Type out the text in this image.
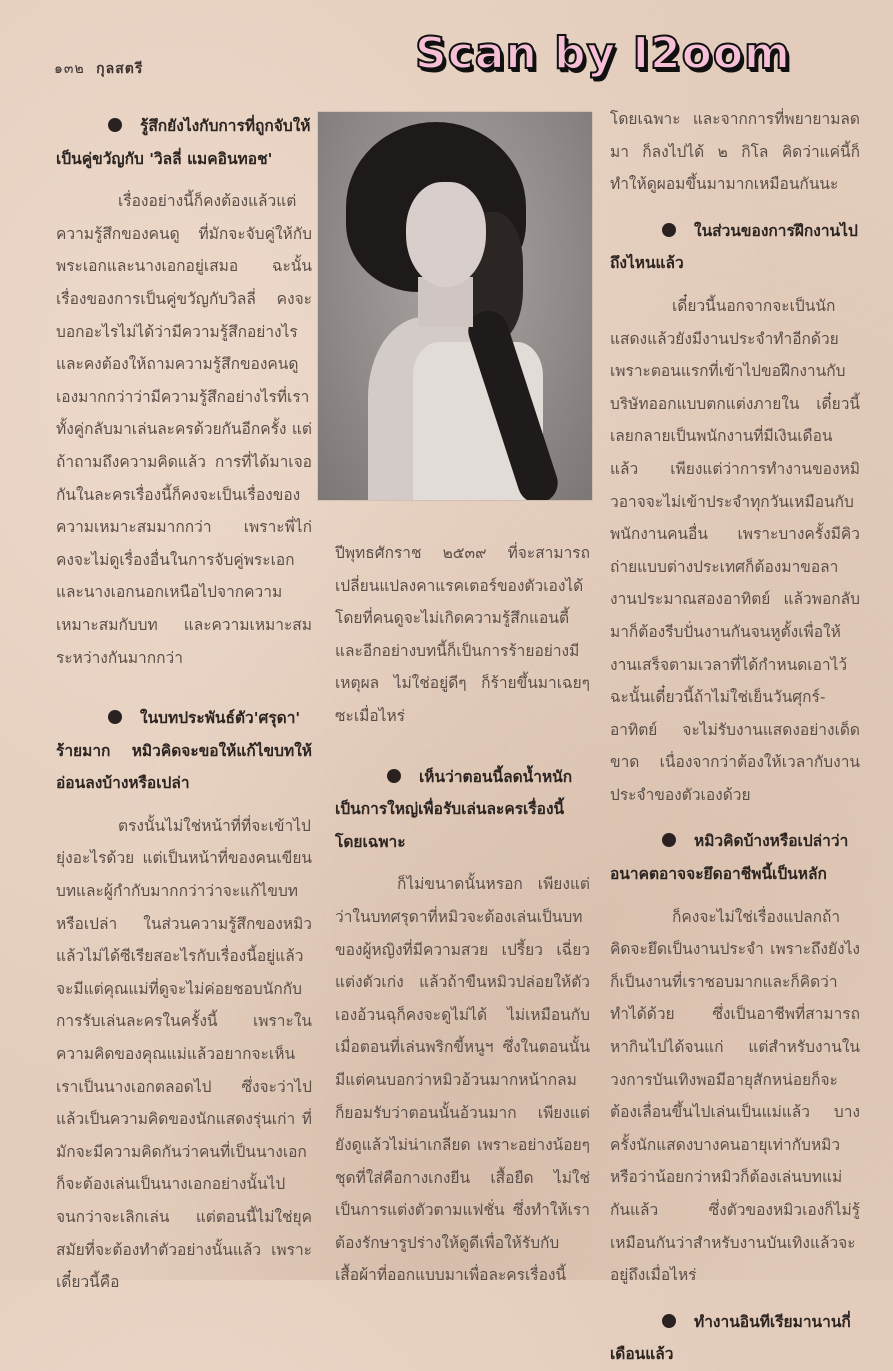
๑๓๒ กุลสตรี	Scan by I2oom

รู้สึกยังไงกับการที่ถูกจับให้เป็นคู่ขวัญกับ 'วิลลี่ แมคอินทอช'

เรื่องอย่างนี้ก็คงต้องแล้วแต่ความรู้สึกของคนดู ที่มักจะจับคู่ให้กับพระเอกและนางเอกอยู่เสมอ ฉะนั้นเรื่องของการเป็นคู่ขวัญกับวิลลี่ คงจะบอกอะไรไม่ได้ว่ามีความรู้สึกอย่างไร และคงต้องให้ถามความรู้สึกของคนดูเองมากกว่าว่ามีความรู้สึกอย่างไรที่เราทั้งคู่กลับมาเล่นละครด้วยกันอีกครั้ง แต่ถ้าถามถึงความคิดแล้ว การที่ได้มาเจอกันในละครเรื่องนี้ก็คงจะเป็นเรื่องของความเหมาะสมมากกว่า เพราะพี่ไก่คงจะไม่ดูเรื่องอื่นในการจับคู่พระเอกและนางเอกนอกเหนือไปจากความเหมาะสมกับบท และความเหมาะสมระหว่างกันมากกว่า

ในบทประพันธ์ตัว'ศรุดา' ร้ายมาก หมิวคิดจะขอให้แก้ไขบทให้อ่อนลงบ้างหรือเปล่า

ตรงนั้นไม่ใช่หน้าที่ที่จะเข้าไปยุ่งอะไรด้วย แต่เป็นหน้าที่ของคนเขียนบทและผู้กำกับมากกว่าว่าจะแก้ไขบทหรือเปล่า ในส่วนความรู้สึกของหมิวแล้วไม่ได้ซีเรียสอะไรกับเรื่องนี้อยู่แล้ว จะมีแต่คุณแม่ที่ดูจะไม่ค่อยชอบนักกับการรับเล่นละครในครั้งนี้ เพราะในความคิดของคุณแม่แล้วอยากจะเห็นเราเป็นนางเอกตลอดไป ซึ่งจะว่าไปแล้วเป็นความคิดของนักแสดงรุ่นเก่า ที่มักจะมีความคิดกันว่าคนที่เป็นนางเอกก็จะต้องเล่นเป็นนางเอกอย่างนั้นไปจนกว่าจะเลิกเล่น แต่ตอนนี้ไม่ใช่ยุคสมัยที่จะต้องทำตัวอย่างนั้นแล้ว เพราะเดี๋ยวนี้คือ

ปีพุทธศักราช ๒๕๓๙ ที่จะสามารถเปลี่ยนแปลงคาแรคเตอร์ของตัวเองได้โดยที่คนดูจะไม่เกิดความรู้สึกแอนตี้ และอีกอย่างบทนี้ก็เป็นการร้ายอย่างมีเหตุผล ไม่ใช่อยู่ดีๆ ก็ร้ายขึ้นมาเฉยๆ ซะเมื่อไหร่

เห็นว่าตอนนี้ลดน้ำหนักเป็นการใหญ่เพื่อรับเล่นละครเรื่องนี้โดยเฉพาะ

ก็ไม่ขนาดนั้นหรอก เพียงแต่ว่าในบทศรุดาที่หมิวจะต้องเล่นเป็นบทของผู้หญิงที่มีความสวย เปรี้ยว เฉี่ยว แต่งตัวเก่ง แล้วถ้าขืนหมิวปล่อยให้ตัวเองอ้วนฉุก็คงจะดูไม่ได้ ไม่เหมือนกับเมื่อตอนที่เล่นพริกขี้หนูฯ ซึ่งในตอนนั้นมีแต่คนบอกว่าหมิวอ้วนมากหน้ากลม ก็ยอมรับว่าตอนนั้นอ้วนมาก เพียงแต่ยังดูแล้วไม่น่าเกลียด เพราะอย่างน้อยๆ ชุดที่ใส่คือกางเกงยีน เสื้อยืด ไม่ใช่เป็นการแต่งตัวตามแฟชั่น ซึ่งทำให้เราต้องรักษารูปร่างให้ดูดีเพื่อให้รับกับเสื้อผ้าที่ออกแบบมาเพื่อละครเรื่องนี้

โดยเฉพาะ และจากการที่พยายามลดมา ก็ลงไปได้ ๒ กิโล คิดว่าแค่นี้ก็ทำให้ดูผอมขึ้นมามากเหมือนกันนะ

ในส่วนของการฝึกงานไปถึงไหนแล้ว

เดี๋ยวนี้นอกจากจะเป็นนักแสดงแล้วยังมีงานประจำทำอีกด้วย เพราะตอนแรกที่เข้าไปขอฝึกงานกับบริษัทออกแบบตกแต่งภายใน เดี๋ยวนี้เลยกลายเป็นพนักงานที่มีเงินเดือนแล้ว เพียงแต่ว่าการทำงานของหมิวอาจจะไม่เข้าประจำทุกวันเหมือนกับพนักงานคนอื่น เพราะบางครั้งมีคิวถ่ายแบบต่างประเทศก็ต้องมาขอลางานประมาณสองอาทิตย์ แล้วพอกลับมาก็ต้องรีบปั่นงานกันจนหูตั้งเพื่อให้งานเสร็จตามเวลาที่ได้กำหนดเอาไว้ ฉะนั้นเดี๋ยวนี้ถ้าไม่ใช่เย็นวันศุกร์-อาทิตย์ จะไม่รับงานแสดงอย่างเด็ดขาด เนื่องจากว่าต้องให้เวลากับงานประจำของตัวเองด้วย

หมิวคิดบ้างหรือเปล่าว่าอนาคตอาจจะยึดอาชีพนี้เป็นหลัก

ก็คงจะไม่ใช่เรื่องแปลกถ้าคิดจะยึดเป็นงานประจำ เพราะถึงยังไงก็เป็นงานที่เราชอบมากและก็คิดว่าทำได้ด้วย ซึ่งเป็นอาชีพที่สามารถหากินไปได้จนแก่ แต่สำหรับงานในวงการบันเทิงพอมีอายุสักหน่อยก็จะต้องเลื่อนขึ้นไปเล่นเป็นแม่แล้ว บางครั้งนักแสดงบางคนอายุเท่ากับหมิวหรือว่าน้อยกว่าหมิวก็ต้องเล่นบทแม่กันแล้ว ซึ่งตัวของหมิวเองก็ไม่รู้เหมือนกันว่าสำหรับงานบันเทิงแล้วจะอยู่ถึงเมื่อไหร่

ทำงานอินทีเรียมานานกี่เดือนแล้ว
